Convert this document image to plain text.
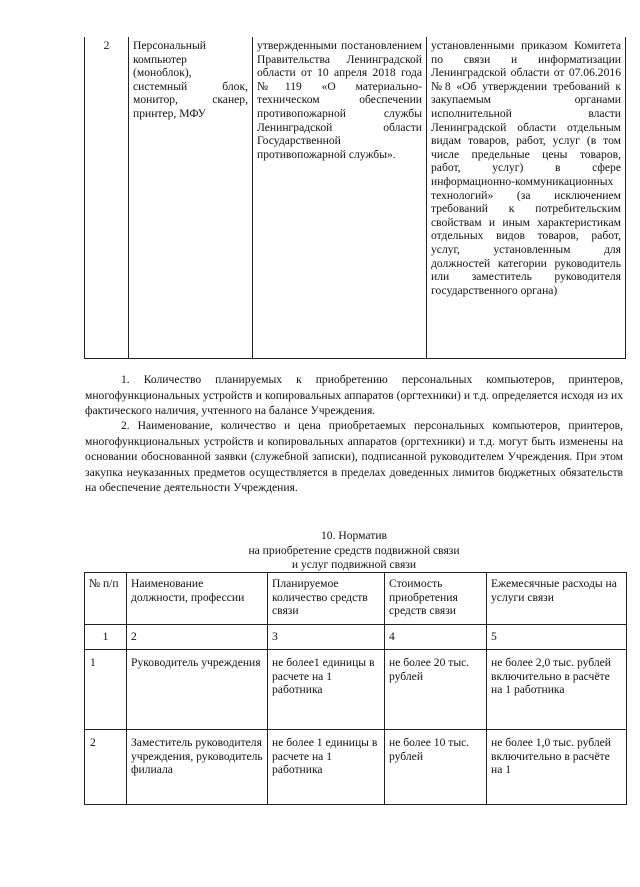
2	Персональный компьютер (моноблок), системный блок, монитор, сканер, принтер, МФУ	утвержденными постановлением Правительства Ленинградской области от 10 апреля 2018 года №119 «О материально-техническом обеспечении противопожарной службы Ленинградской области Государственной противопожарной службы».	установленными приказом Комитета по связи и информатизации Ленинградской области от 07.06.2016 №8 «Об утверждении требований к закупаемым органами исполнительной власти Ленинградской области отдельным видам товаров, работ, услуг (в том числе предельные цены товаров, работ, услуг) в сфере информационно-коммуникационных технологий» (за исключением требований к потребительским свойствам и иным характеристикам отдельных видов товаров, работ, услуг, установленным для должностей категории руководитель или заместитель руководителя государственного органа)

1. Количество планируемых к приобретению персональных компьютеров, принтеров, многофункциональных устройств и копировальных аппаратов (оргтехники) и т.д. определяется исходя из их фактического наличия, учтенного на балансе Учреждения.

2. Наименование, количество и цена приобретаемых персональных компьютеров, принтеров, многофункциональных устройств и копировальных аппаратов (оргтехники) и т.д. могут быть изменены на основании обоснованной заявки (служебной записки), подписанной руководителем Учреждения. При этом закупка неуказанных предметов осуществляется в пределах доведенных лимитов бюджетных обязательств на обеспечение деятельности Учреждения.

10. Норматив
на приобретение средств подвижной связи
и услуг подвижной связи
№ п/п	Наименование должности, профессии	Планируемое количество средств связи	Стоимость приобретения средств связи	Ежемесячные расходы на услуги связи
1	2	3	4	5
1	Руководитель учреждения	не более1 единицы в расчете на 1 работника	не более 20 тыс. рублей	не более 2,0 тыс. рублей включительно в расчёте на 1 работника
2	Заместитель руководителя учреждения, руководитель филиала	не более 1 единицы в расчете на 1 работника	не более 10 тыс. рублей	не более 1,0 тыс. рублей включительно в расчёте на 1
